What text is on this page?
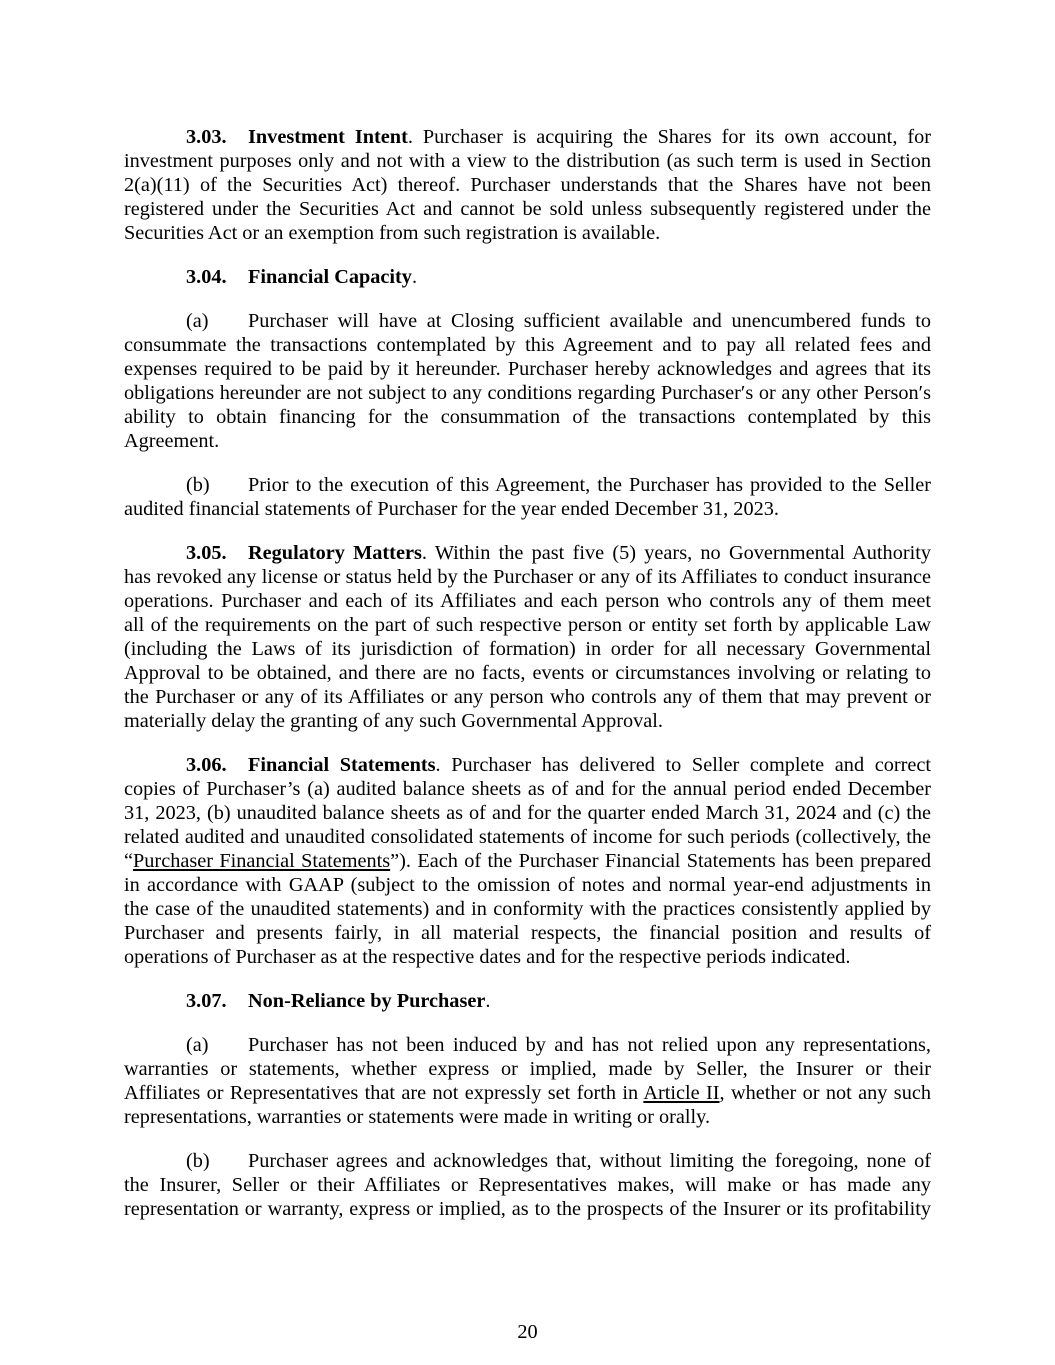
3.03. Investment Intent. Purchaser is acquiring the Shares for its own account, for
investment purposes only and not with a view to the distribution (as such term is used in Section
2(a)(11) of the Securities Act) thereof. Purchaser understands that the Shares have not been
registered under the Securities Act and cannot be sold unless subsequently registered under the
Securities Act or an exemption from such registration is available.
3.04. Financial Capacity.
(a) Purchaser will have at Closing sufficient available and unencumbered funds to
consummate the transactions contemplated by this Agreement and to pay all related fees and
expenses required to be paid by it hereunder. Purchaser hereby acknowledges and agrees that its
obligations hereunder are not subject to any conditions regarding Purchaser′s or any other Person′s
ability to obtain financing for the consummation of the transactions contemplated by this
Agreement.
(b) Prior to the execution of this Agreement, the Purchaser has provided to the Seller
audited financial statements of Purchaser for the year ended December 31, 2023.
3.05. Regulatory Matters. Within the past five (5) years, no Governmental Authority
has revoked any license or status held by the Purchaser or any of its Affiliates to conduct insurance
operations. Purchaser and each of its Affiliates and each person who controls any of them meet
all of the requirements on the part of such respective person or entity set forth by applicable Law
(including the Laws of its jurisdiction of formation) in order for all necessary Governmental
Approval to be obtained, and there are no facts, events or circumstances involving or relating to
the Purchaser or any of its Affiliates or any person who controls any of them that may prevent or
materially delay the granting of any such Governmental Approval.
3.06. Financial Statements. Purchaser has delivered to Seller complete and correct
copies of Purchaser’s (a) audited balance sheets as of and for the annual period ended December
31, 2023, (b) unaudited balance sheets as of and for the quarter ended March 31, 2024 and (c) the
related audited and unaudited consolidated statements of income for such periods (collectively, the
“Purchaser Financial Statements”). Each of the Purchaser Financial Statements has been prepared
in accordance with GAAP (subject to the omission of notes and normal year-end adjustments in
the case of the unaudited statements) and in conformity with the practices consistently applied by
Purchaser and presents fairly, in all material respects, the financial position and results of
operations of Purchaser as at the respective dates and for the respective periods indicated.
3.07. Non-Reliance by Purchaser.
(a) Purchaser has not been induced by and has not relied upon any representations,
warranties or statements, whether express or implied, made by Seller, the Insurer or their
Affiliates or Representatives that are not expressly set forth in Article II, whether or not any such
representations, warranties or statements were made in writing or orally.
(b) Purchaser agrees and acknowledges that, without limiting the foregoing, none of
the Insurer, Seller or their Affiliates or Representatives makes, will make or has made any
representation or warranty, express or implied, as to the prospects of the Insurer or its profitability
20
